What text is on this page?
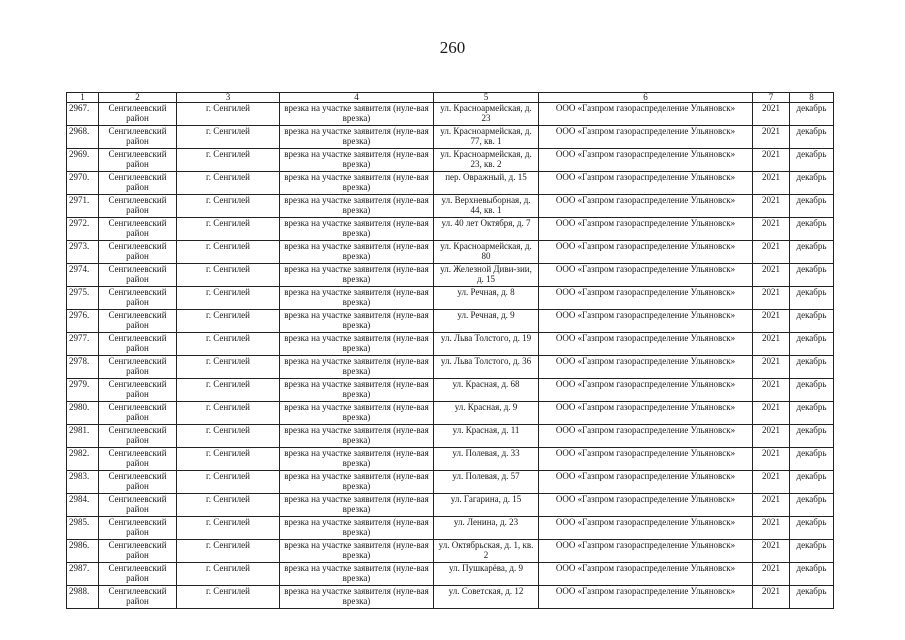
260
1	2	3	4	5	6	7	8
2967.	Сенгилеевский район	г. Сенгилей	врезка на участке заявителя (нуле-вая врезка)	ул. Красноармейская, д. 23	ООО «Газпром газораспределение Ульяновск»	2021	декабрь
2968.	Сенгилеевский район	г. Сенгилей	врезка на участке заявителя (нуле-вая врезка)	ул. Красноармейская, д. 77, кв. 1	ООО «Газпром газораспределение Ульяновск»	2021	декабрь
2969.	Сенгилеевский район	г. Сенгилей	врезка на участке заявителя (нуле-вая врезка)	ул. Красноармейская, д. 23, кв. 2	ООО «Газпром газораспределение Ульяновск»	2021	декабрь
2970.	Сенгилеевский район	г. Сенгилей	врезка на участке заявителя (нуле-вая врезка)	пер. Овражный, д. 15	ООО «Газпром газораспределение Ульяновск»	2021	декабрь
2971.	Сенгилеевский район	г. Сенгилей	врезка на участке заявителя (нуле-вая врезка)	ул. Верхневыборная, д. 44, кв. 1	ООО «Газпром газораспределение Ульяновск»	2021	декабрь
2972.	Сенгилеевский район	г. Сенгилей	врезка на участке заявителя (нуле-вая врезка)	ул. 40 лет Октября, д. 7	ООО «Газпром газораспределение Ульяновск»	2021	декабрь
2973.	Сенгилеевский район	г. Сенгилей	врезка на участке заявителя (нуле-вая врезка)	ул. Красноармейская, д. 80	ООО «Газпром газораспределение Ульяновск»	2021	декабрь
2974.	Сенгилеевский район	г. Сенгилей	врезка на участке заявителя (нуле-вая врезка)	ул. Железной Диви-зии, д. 15	ООО «Газпром газораспределение Ульяновск»	2021	декабрь
2975.	Сенгилеевский район	г. Сенгилей	врезка на участке заявителя (нуле-вая врезка)	ул. Речная, д. 8	ООО «Газпром газораспределение Ульяновск»	2021	декабрь
2976.	Сенгилеевский район	г. Сенгилей	врезка на участке заявителя (нуле-вая врезка)	ул. Речная, д. 9	ООО «Газпром газораспределение Ульяновск»	2021	декабрь
2977.	Сенгилеевский район	г. Сенгилей	врезка на участке заявителя (нуле-вая врезка)	ул. Льва Толстого, д. 19	ООО «Газпром газораспределение Ульяновск»	2021	декабрь
2978.	Сенгилеевский район	г. Сенгилей	врезка на участке заявителя (нуле-вая врезка)	ул. Льва Толстого, д. 36	ООО «Газпром газораспределение Ульяновск»	2021	декабрь
2979.	Сенгилеевский район	г. Сенгилей	врезка на участке заявителя (нуле-вая врезка)	ул. Красная, д. 68	ООО «Газпром газораспределение Ульяновск»	2021	декабрь
2980.	Сенгилеевский район	г. Сенгилей	врезка на участке заявителя (нуле-вая врезка)	ул. Красная, д. 9	ООО «Газпром газораспределение Ульяновск»	2021	декабрь
2981.	Сенгилеевский район	г. Сенгилей	врезка на участке заявителя (нуле-вая врезка)	ул. Красная, д. 11	ООО «Газпром газораспределение Ульяновск»	2021	декабрь
2982.	Сенгилеевский район	г. Сенгилей	врезка на участке заявителя (нуле-вая врезка)	ул. Полевая, д. 33	ООО «Газпром газораспределение Ульяновск»	2021	декабрь
2983.	Сенгилеевский район	г. Сенгилей	врезка на участке заявителя (нуле-вая врезка)	ул. Полевая, д. 57	ООО «Газпром газораспределение Ульяновск»	2021	декабрь
2984.	Сенгилеевский район	г. Сенгилей	врезка на участке заявителя (нуле-вая врезка)	ул. Гагарина, д. 15	ООО «Газпром газораспределение Ульяновск»	2021	декабрь
2985.	Сенгилеевский район	г. Сенгилей	врезка на участке заявителя (нуле-вая врезка)	ул. Ленина, д. 23	ООО «Газпром газораспределение Ульяновск»	2021	декабрь
2986.	Сенгилеевский район	г. Сенгилей	врезка на участке заявителя (нуле-вая врезка)	ул. Октябрьская, д. 1, кв. 2	ООО «Газпром газораспределение Ульяновск»	2021	декабрь
2987.	Сенгилеевский район	г. Сенгилей	врезка на участке заявителя (нуле-вая врезка)	ул. Пушкарёва, д. 9	ООО «Газпром газораспределение Ульяновск»	2021	декабрь
2988.	Сенгилеевский район	г. Сенгилей	врезка на участке заявителя (нуле-вая врезка)	ул. Советская, д. 12	ООО «Газпром газораспределение Ульяновск»	2021	декабрь
